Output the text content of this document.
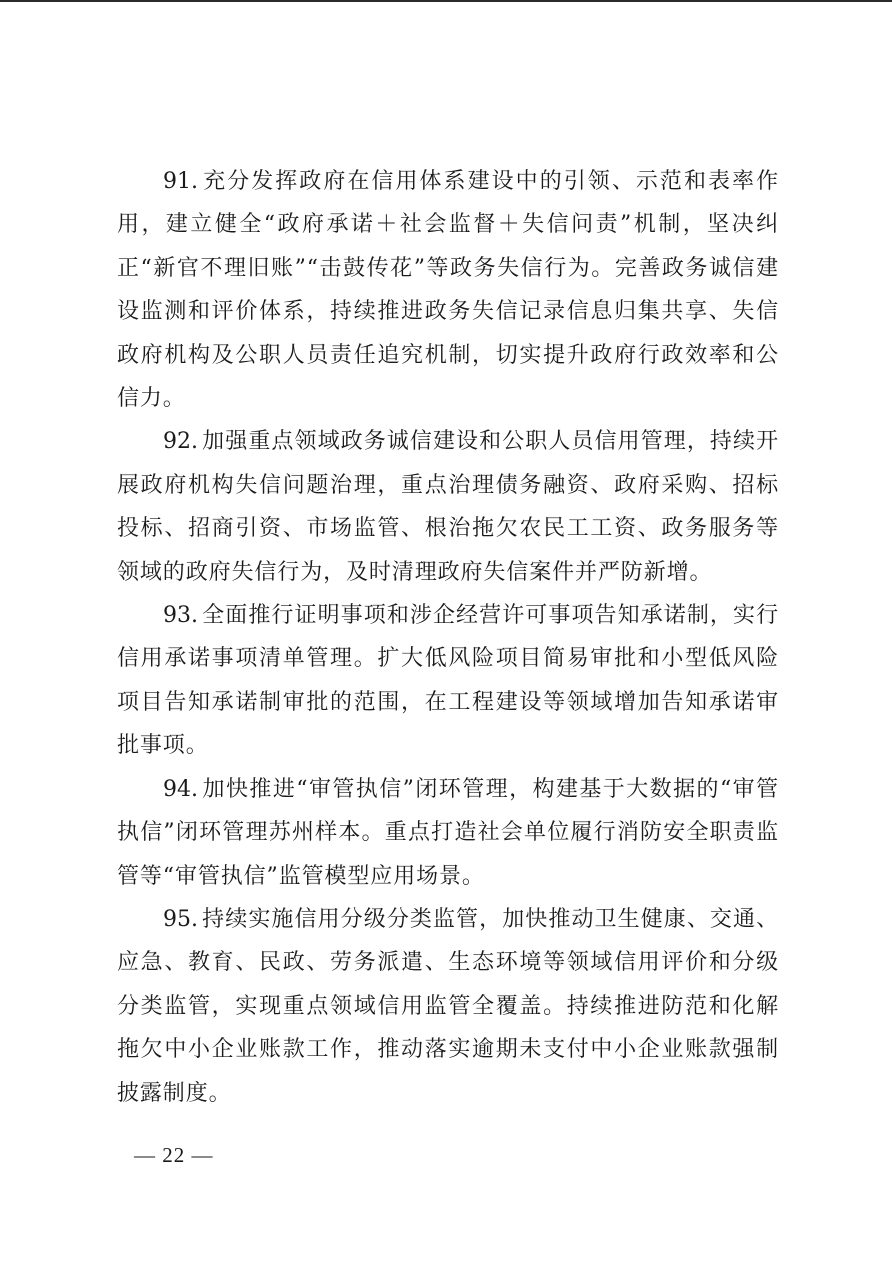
91. 充分发挥政府在信用体系建设中的引领、示范和表率作用，建立健全“政府承诺＋社会监督＋失信问责”机制，坚决纠正“新官不理旧账”“击鼓传花”等政务失信行为。完善政务诚信建设监测和评价体系，持续推进政务失信记录信息归集共享、失信政府机构及公职人员责任追究机制，切实提升政府行政效率和公信力。

92. 加强重点领域政务诚信建设和公职人员信用管理，持续开展政府机构失信问题治理，重点治理债务融资、政府采购、招标投标、招商引资、市场监管、根治拖欠农民工工资、政务服务等领域的政府失信行为，及时清理政府失信案件并严防新增。

93. 全面推行证明事项和涉企经营许可事项告知承诺制，实行信用承诺事项清单管理。扩大低风险项目简易审批和小型低风险项目告知承诺制审批的范围，在工程建设等领域增加告知承诺审批事项。

94. 加快推进“审管执信”闭环管理，构建基于大数据的“审管执信”闭环管理苏州样本。重点打造社会单位履行消防安全职责监管等“审管执信”监管模型应用场景。

95. 持续实施信用分级分类监管，加快推动卫生健康、交通、应急、教育、民政、劳务派遣、生态环境等领域信用评价和分级分类监管，实现重点领域信用监管全覆盖。持续推进防范和化解拖欠中小企业账款工作，推动落实逾期未支付中小企业账款强制披露制度。

— 22 —
